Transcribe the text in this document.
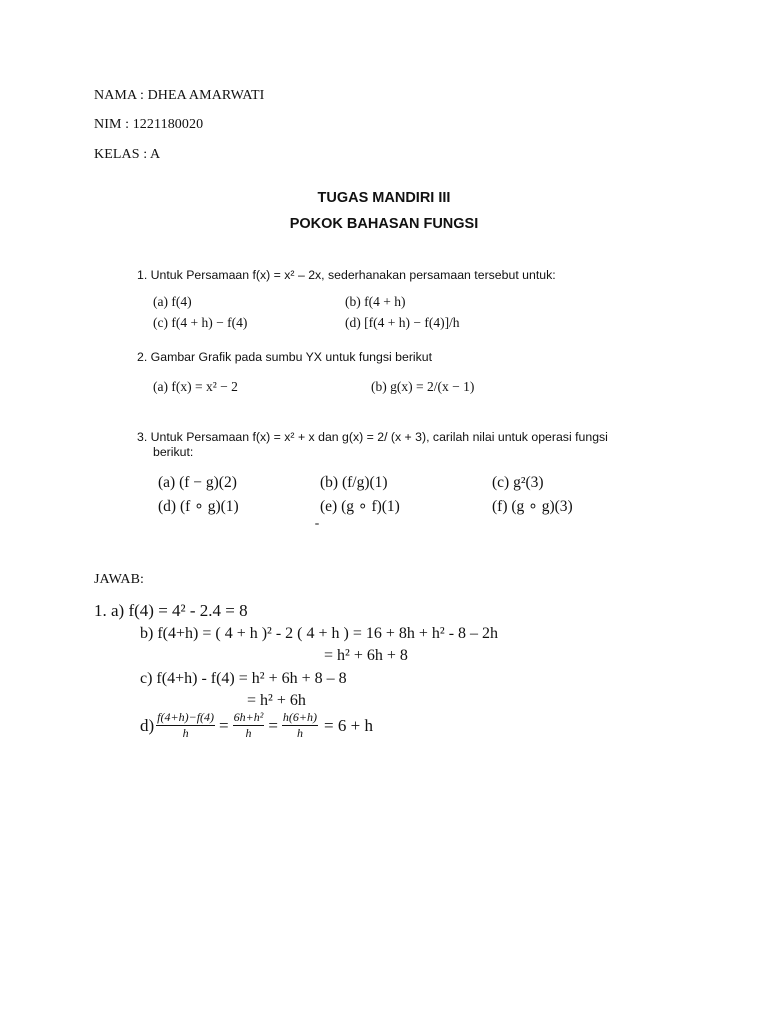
NAMA : DHEA AMARWATI
NIM : 1221180020
KELAS : A
TUGAS MANDIRI III
POKOK BAHASAN FUNGSI
1. Untuk Persamaan f(x) = x² – 2x, sederhanakan persamaan tersebut untuk:
(a) f(4)	(b) f(4 + h)
(c) f(4 + h) − f(4)	(d) [f(4 + h) − f(4)]/h
2. Gambar Grafik pada sumbu YX untuk fungsi berikut
(a) f(x) = x² − 2	(b) g(x) = 2/(x − 1)
3. Untuk Persamaan f(x) = x² + x dan g(x) = 2/ (x + 3), carilah nilai untuk operasi fungsi
berikut:
(a) (f − g)(2)	(b) (f/g)(1)	(c) g²(3)
(d) (f ∘ g)(1)	(e) (g ∘ f)(1)	(f) (g ∘ g)(3)
JAWAB:
1. a) f(4) = 4² - 2.4 = 8
b) f(4+h) = ( 4 + h )² - 2 ( 4 + h ) = 16 + 8h + h² - 8 – 2h
= h² + 6h + 8
c) f(4+h) - f(4) = h² + 6h + 8 – 8
= h² + 6h
$d) \frac{f(4+h)-f(4)}{h} = \frac{\text{6h+h²}}{h} = \frac{h(6+h)}{h} = 6 + h$
